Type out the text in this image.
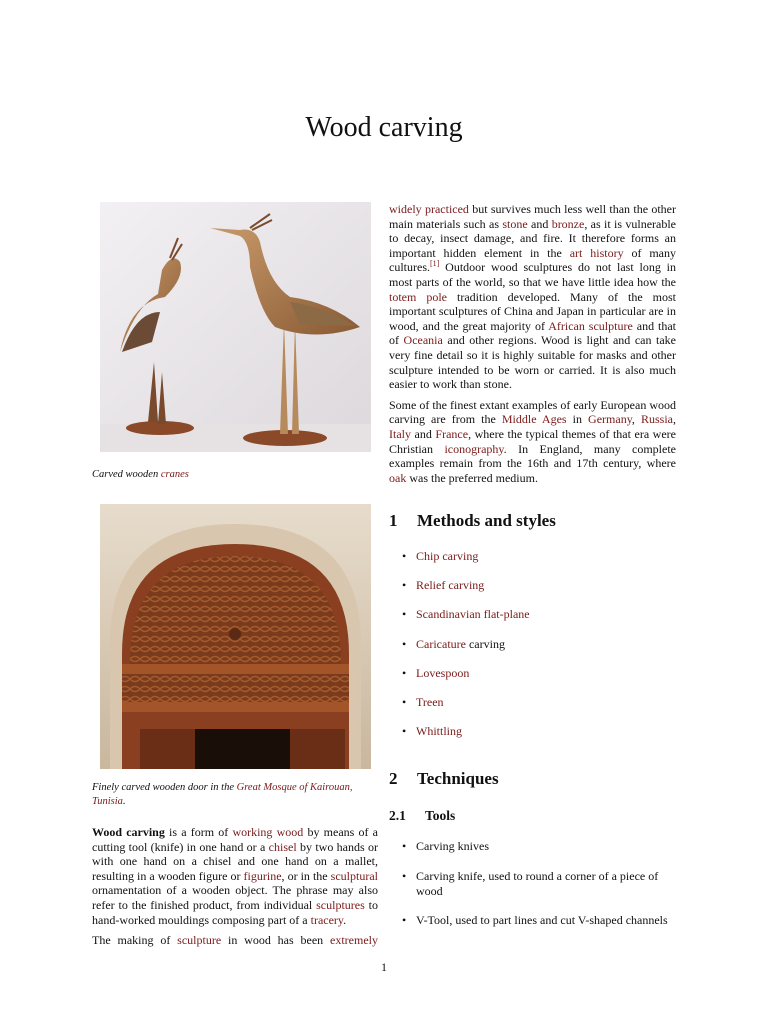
Wood carving

Carved wooden cranes

Finely carved wooden door in the Great Mosque of Kairouan, Tunisia.

Wood carving is a form of working wood by means of a cutting tool (knife) in one hand or a chisel by two hands or with one hand on a chisel and one hand on a mallet, resulting in a wooden figure or figurine, or in the sculptural ornamentation of a wooden object. The phrase may also refer to the finished product, from individual sculptures to hand-worked mouldings composing part of a tracery.

The making of sculpture in wood has been extremely

widely practiced but survives much less well than the other main materials such as stone and bronze, as it is vulnerable to decay, insect damage, and fire. It therefore forms an important hidden element in the art history of many cultures.[1] Outdoor wood sculptures do not last long in most parts of the world, so that we have little idea how the totem pole tradition developed. Many of the most important sculptures of China and Japan in particular are in wood, and the great majority of African sculpture and that of Oceania and other regions. Wood is light and can take very fine detail so it is highly suitable for masks and other sculpture intended to be worn or carried. It is also much easier to work than stone.

Some of the finest extant examples of early European wood carving are from the Middle Ages in Germany, Russia, Italy and France, where the typical themes of that era were Christian iconography. In England, many complete examples remain from the 16th and 17th century, where oak was the preferred medium.

1 Methods and styles
• Chip carving
• Relief carving
• Scandinavian flat-plane
• Caricature carving
• Lovespoon
• Treen
• Whittling
2 Techniques
2.1 Tools
• Carving knives
• Carving knife, used to round a corner of a piece of wood
• V-Tool, used to part lines and cut V-shaped channels
1
